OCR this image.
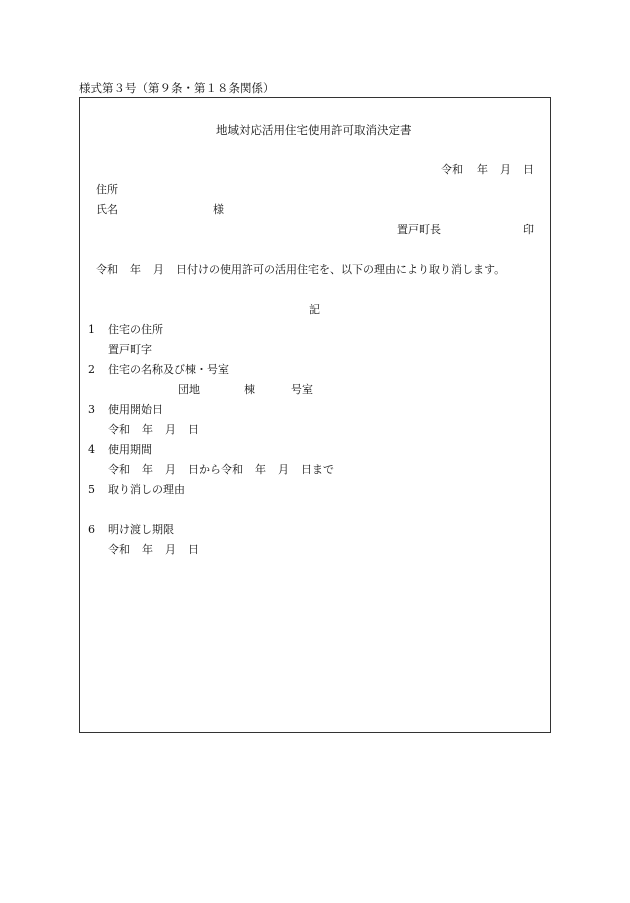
様式第３号（第９条・第１８条関係）
地域対応活用住宅使用許可取消決定書
令和 年 月 日
住所
氏名	様
置戸町長	印
令和 年 月 日付けの使用許可の活用住宅を、以下の理由により取り消します。
記
1 住宅の住所
置戸町字
2 住宅の名称及び棟・号室
団地	棟	号室
3 使用開始日
令和 年 月 日
4 使用期間
令和 年 月 日から令和 年 月 日まで
5 取り消しの理由
6 明け渡し期限
令和 年 月 日
